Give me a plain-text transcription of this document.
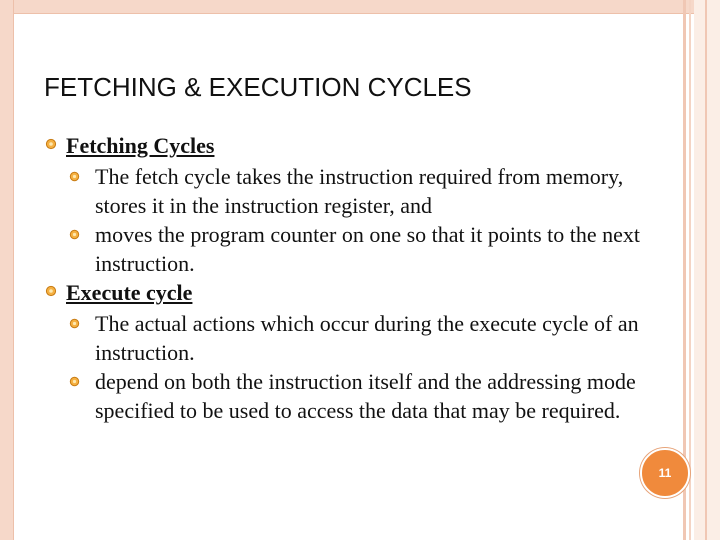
FETCHING & EXECUTION CYCLES
Fetching Cycles
The fetch cycle takes the instruction required from memory, stores it in the instruction register, and
moves the program counter on one so that it points to the next instruction.
Execute cycle
The actual actions which occur during the execute cycle of an instruction.
depend on both the instruction itself and the addressing mode specified to be used to access the data that may be required.
11
